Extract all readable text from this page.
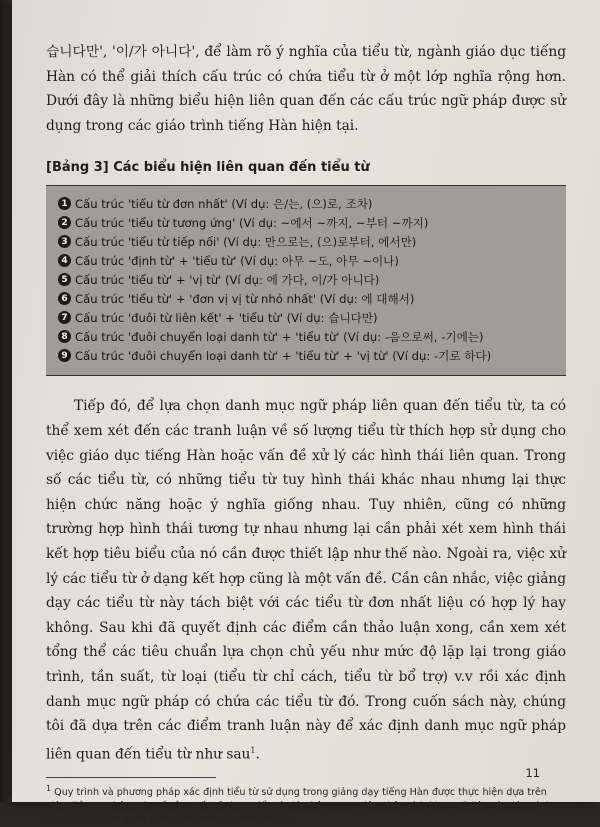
습니다만', '이/가 아니다', để làm rõ ý nghĩa của tiểu từ, ngành giáo dục tiếng Hàn có thể giải thích cấu trúc có chứa tiểu từ ở một lớp nghĩa rộng hơn. Dưới đây là những biểu hiện liên quan đến các cấu trúc ngữ pháp được sử dụng trong các giáo trình tiếng Hàn hiện tại.

[Bảng 3] Các biểu hiện liên quan đến tiểu từ
1 Cấu trúc 'tiểu từ đơn nhất' (Ví dụ: 은/는, (으)로, 조차)
2 Cấu trúc 'tiểu từ tương ứng' (Ví dụ: ~에서 ~까지, ~부터 ~까지)
3 Cấu trúc 'tiểu từ tiếp nối' (Ví dụ: 만으로는, (으)로부터, 에서만)
4 Cấu trúc 'định từ' + 'tiểu từ' (Ví dụ: 아무 ~도, 아무 ~이나)
5 Cấu trúc 'tiểu từ' + 'vị từ' (Ví dụ: 에 가다, 이/가 아니다)
6 Cấu trúc 'tiểu từ' + 'đơn vị vị từ nhỏ nhất' (Ví dụ: 에 대해서)
7 Cấu trúc 'đuôi từ liên kết' + 'tiểu từ' (Ví dụ: 습니다만)
8 Cấu trúc 'đuôi chuyển loại danh từ' + 'tiểu từ' (Ví dụ: -음으로써, -기에는)
9 Cấu trúc 'đuôi chuyển loại danh từ' + 'tiểu từ' + 'vị từ' (Ví dụ: -기로 하다)

Tiếp đó, để lựa chọn danh mục ngữ pháp liên quan đến tiểu từ, ta có thể xem xét đến các tranh luận về số lượng tiểu từ thích hợp sử dụng cho việc giáo dục tiếng Hàn hoặc vấn đề xử lý các hình thái liên quan. Trong số các tiểu từ, có những tiểu từ tuy hình thái khác nhau nhưng lại thực hiện chức năng hoặc ý nghĩa giống nhau. Tuy nhiên, cũng có những trường hợp hình thái tương tự nhau nhưng lại cần phải xét xem hình thái kết hợp tiêu biểu của nó cần được thiết lập như thế nào. Ngoài ra, việc xử lý các tiểu từ ở dạng kết hợp cũng là một vấn đề. Cần cân nhắc, việc giảng dạy các tiểu từ này tách biệt với các tiểu từ đơn nhất liệu có hợp lý hay không. Sau khi đã quyết định các điểm cần thảo luận xong, cần xem xét tổng thể các tiêu chuẩn lựa chọn chủ yếu như mức độ lặp lại trong giáo trình, tần suất, từ loại (tiểu từ chỉ cách, tiểu từ bổ trợ) v.v rồi xác định danh mục ngữ pháp có chứa các tiểu từ đó. Trong cuốn sách này, chúng tôi đã dựa trên các điểm tranh luận này để xác định danh mục ngữ pháp liên quan đến tiểu từ như sau$^1$.

$^1$ Quy trình và phương pháp xác định tiểu từ sử dụng trong giảng dạy tiếng Hàn được thực hiện dựa trên việc điều tra thông tin về tần suất sử dụng tiểu từ đó, thông qua việc phân tích kho ngữ liệu và giáo trình. Các tài liệu liên quan được đính kèm ở phần Phụ lục.
11
